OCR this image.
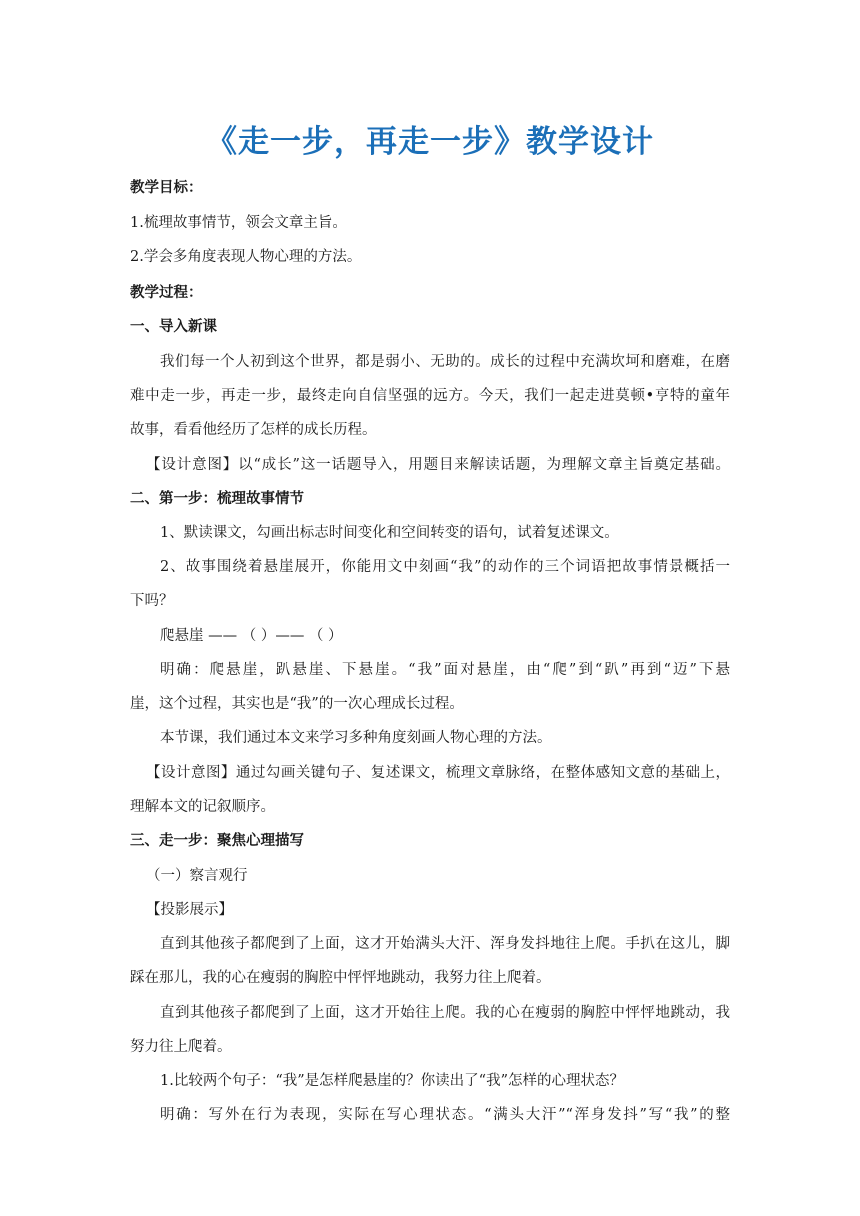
《走一步，再走一步》教学设计
教学目标：
1.梳理故事情节，领会文章主旨。
2.学会多角度表现人物心理的方法。
教学过程：
一、导入新课
我们每一个人初到这个世界，都是弱小、无助的。成长的过程中充满坎坷和磨难，在磨
难中走一步，再走一步，最终走向自信坚强的远方。今天，我们一起走进莫顿•亨特的童年
故事，看看他经历了怎样的成长历程。
【设计意图】以“成长”这一话题导入，用题目来解读话题，为理解文章主旨奠定基础。
二、第一步：梳理故事情节
1、默读课文，勾画出标志时间变化和空间转变的语句，试着复述课文。
2、故事围绕着悬崖展开，你能用文中刻画“我”的动作的三个词语把故事情景概括一
下吗？
爬悬崖 —— （ ）—— （ ）
明确：爬悬崖，趴悬崖、下悬崖。“我”面对悬崖，由“爬”到“趴”再到“迈”下悬
崖，这个过程，其实也是“我”的一次心理成长过程。
本节课，我们通过本文来学习多种角度刻画人物心理的方法。
【设计意图】通过勾画关键句子、复述课文，梳理文章脉络，在整体感知文意的基础上，
理解本文的记叙顺序。
三、走一步：聚焦心理描写
（一）察言观行
【投影展示】
直到其他孩子都爬到了上面，这才开始满头大汗、浑身发抖地往上爬。手扒在这儿，脚
踩在那儿，我的心在瘦弱的胸腔中怦怦地跳动，我努力往上爬着。
直到其他孩子都爬到了上面，这才开始往上爬。我的心在瘦弱的胸腔中怦怦地跳动，我
努力往上爬着。
1.比较两个句子：“我”是怎样爬悬崖的？你读出了“我”怎样的心理状态？
明确：写外在行为表现，实际在写心理状态。“满头大汗”“浑身发抖”写“我”的整
